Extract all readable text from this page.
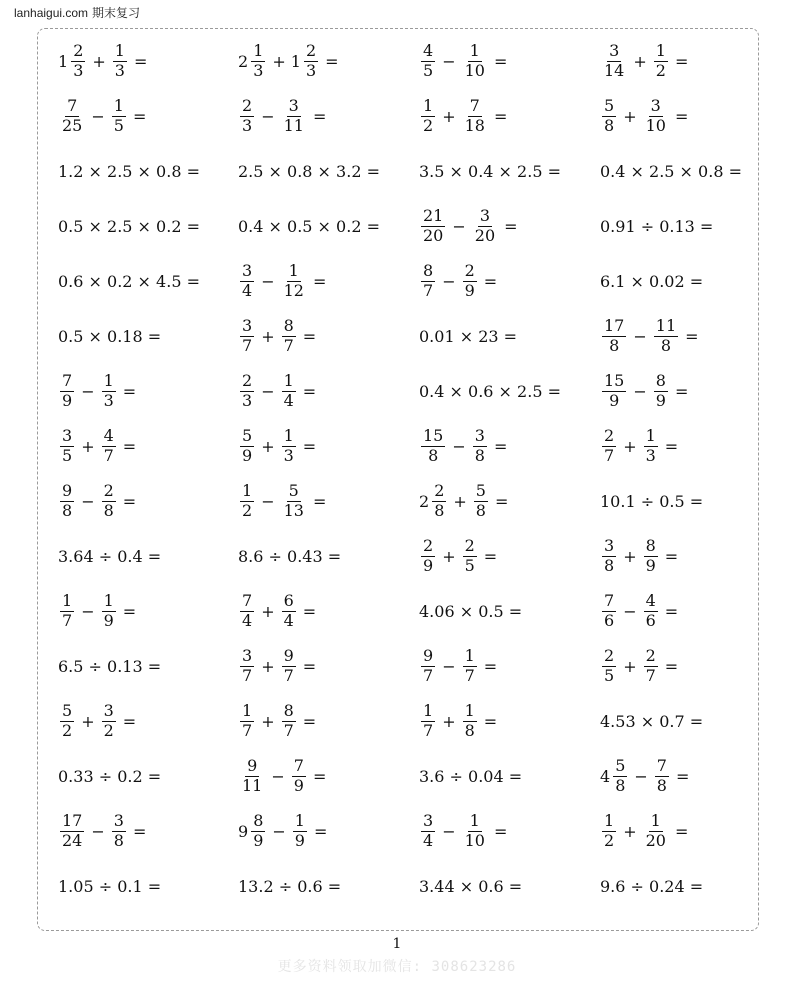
lanhaigui.com 期末复习
$1 \frac{2}{3} + \frac{1}{3}$ =	$2 \frac{1}{3} + 1 \frac{2}{3}$ =	$\frac{4}{5} - \frac{1}{10}$ =	$\frac{3}{14} + \frac{1}{2}$ =
$\frac{7}{25} - \frac{1}{5}$ =	$\frac{2}{3} - \frac{3}{11}$ =	$\frac{1}{2} + \frac{7}{18}$ =	$\frac{5}{8} + \frac{3}{10}$ =
1.2 × 2.5 × 0.8 = 2.5 × 0.8 × 3.2 = 3.5 × 0.4 × 2.5 = 0.4 × 2.5 × 0.8 =
0.5 × 2.5 × 0.2 = 0.4 × 0.5 × 0.2 =	$\frac{21}{20} - \frac{3}{20}$ =	0.91 ÷ 0.13 =
0.6 × 0.2 × 4.5 =	$\frac{3}{4} - \frac{1}{12}$ =	$\frac{8}{7} - \frac{2}{9}$ =	6.1 × 0.02 =
0.5 × 0.18 =	$\frac{3}{7} + \frac{8}{7}$ =	0.01 × 23 =	$\frac{17}{8} - \frac{11}{8}$ =
$\frac{7}{9} - \frac{1}{3}$ =	$\frac{2}{3} - \frac{1}{4}$ =	0.4 × 0.6 × 2.5 =	$\frac{15}{9} - \frac{8}{9}$ =
$\frac{3}{5} + \frac{4}{7}$ =	$\frac{5}{9} + \frac{1}{3}$ =	$\frac{15}{8} - \frac{3}{8}$ =	$\frac{2}{7} + \frac{1}{3}$ =
$\frac{9}{8} - \frac{2}{8}$ =	$\frac{1}{2} - \frac{5}{13}$ =	$2 \frac{2}{8} + \frac{5}{8}$ =	10.1 ÷ 0.5 =
3.64 ÷ 0.4 =	8.6 ÷ 0.43 =	$\frac{2}{9} + \frac{2}{5}$ =	$\frac{3}{8} + \frac{8}{9}$ =
$\frac{1}{7} - \frac{1}{9}$ =	$\frac{7}{4} + \frac{6}{4}$ =	4.06 × 0.5 =	$\frac{7}{6} - \frac{4}{6}$ =
6.5 ÷ 0.13 =	$\frac{3}{7} + \frac{9}{7}$ =	$\frac{9}{7} - \frac{1}{7}$ =	$\frac{2}{5} + \frac{2}{7}$ =
$\frac{5}{2} + \frac{3}{2}$ =	$\frac{1}{7} + \frac{8}{7}$ =	$\frac{1}{7} + \frac{1}{8}$ =	4.53 × 0.7 =
0.33 ÷ 0.2 =	$\frac{9}{11} - \frac{7}{9}$ =	3.6 ÷ 0.04 =	$4 \frac{5}{8} - \frac{7}{8}$ =
$\frac{17}{24} - \frac{3}{8}$ =	$9 \frac{8}{9} - \frac{1}{9}$ =	$\frac{3}{4} - \frac{1}{10}$ =	$\frac{1}{2} + \frac{1}{20}$ =
1.05 ÷ 0.1 =	13.2 ÷ 0.6 =	3.44 × 0.6 =	9.6 ÷ 0.24 =
1
更多资料领取加微信: 308623286
